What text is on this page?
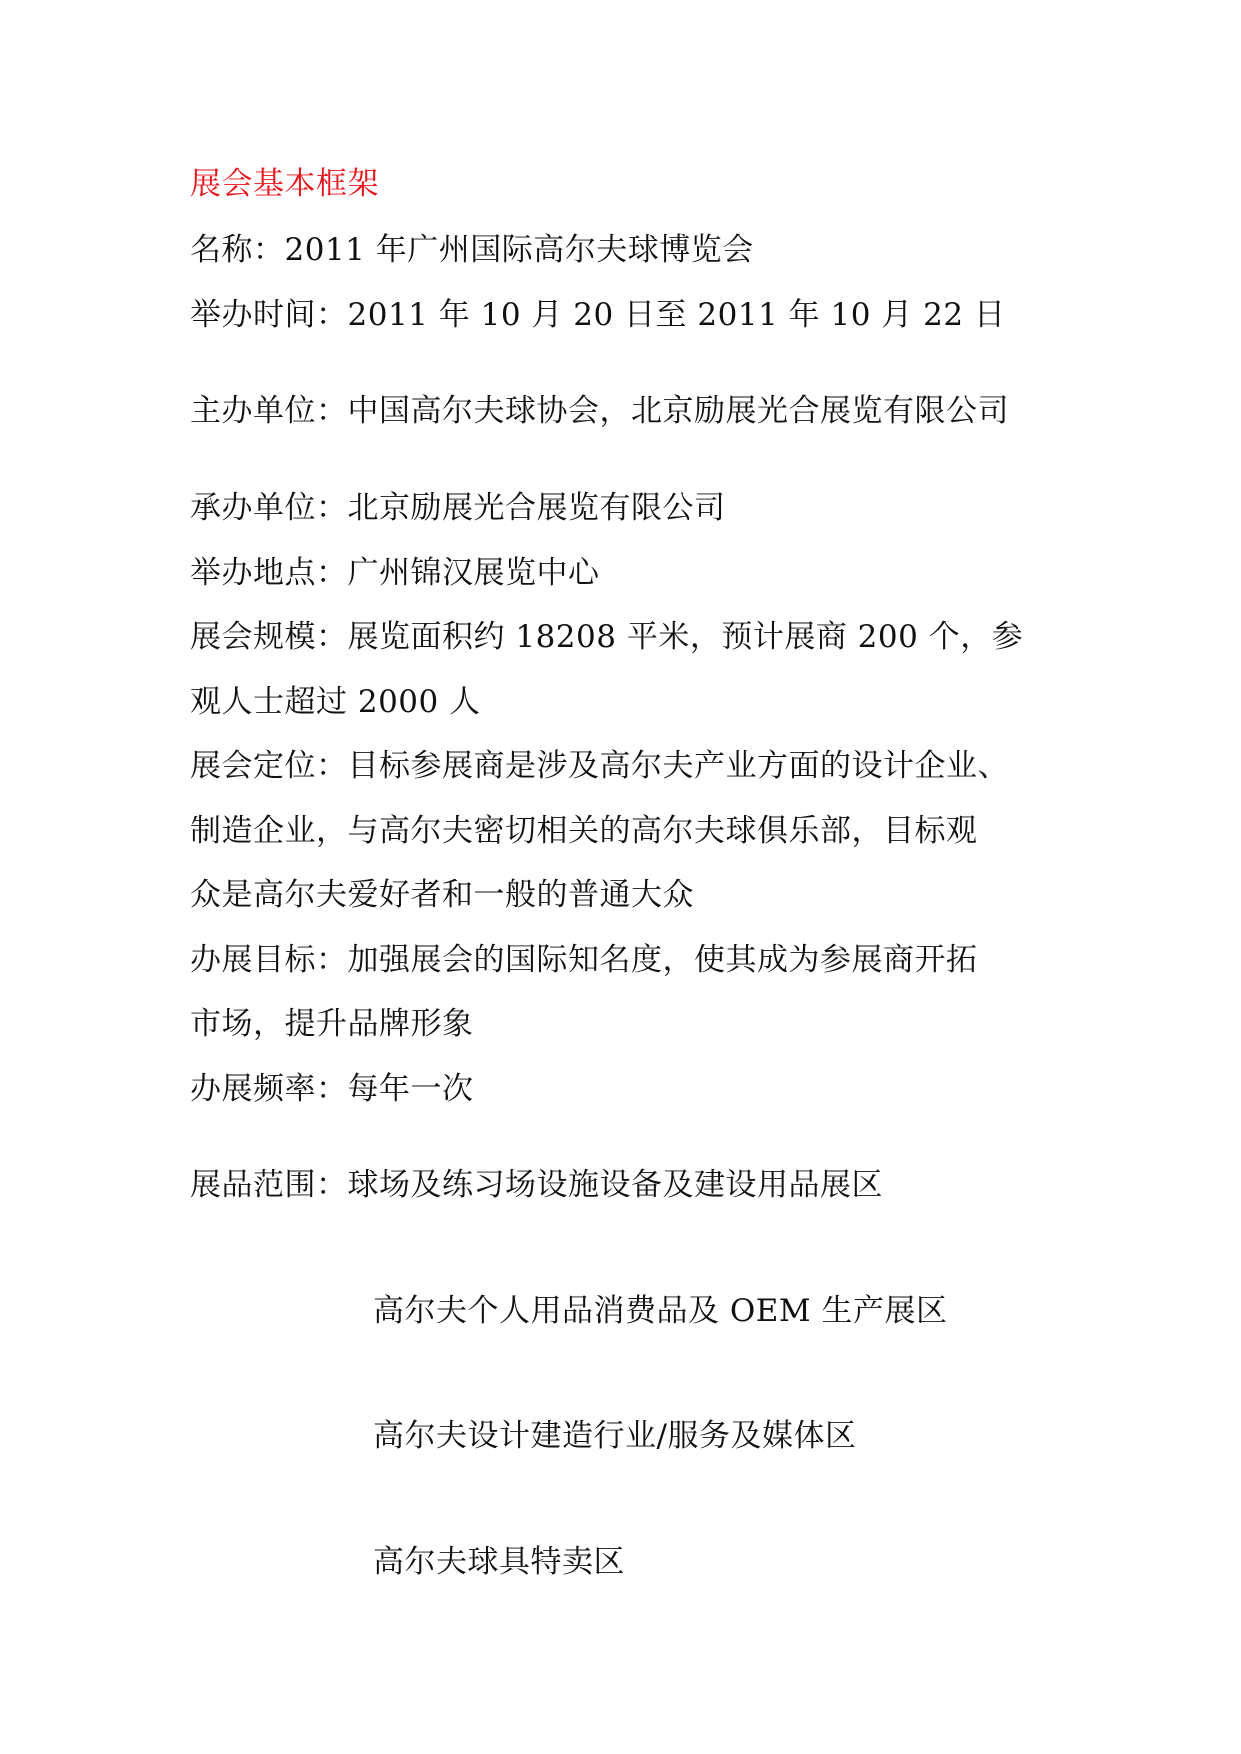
展会基本框架
名称：2011 年广州国际高尔夫球博览会
举办时间：2011 年 10 月 20 日至 2011 年 10 月 22 日
主办单位：中国高尔夫球协会，北京励展光合展览有限公司
承办单位：北京励展光合展览有限公司
举办地点：广州锦汉展览中心
展会规模：展览面积约 18208 平米，预计展商 200 个，参
观人士超过 2000 人
展会定位：目标参展商是涉及高尔夫产业方面的设计企业、
制造企业，与高尔夫密切相关的高尔夫球俱乐部，目标观
众是高尔夫爱好者和一般的普通大众
办展目标：加强展会的国际知名度，使其成为参展商开拓
市场，提升品牌形象
办展频率：每年一次
展品范围：球场及练习场设施设备及建设用品展区
高尔夫个人用品消费品及 OEM 生产展区
高尔夫设计建造行业/服务及媒体区
高尔夫球具特卖区
